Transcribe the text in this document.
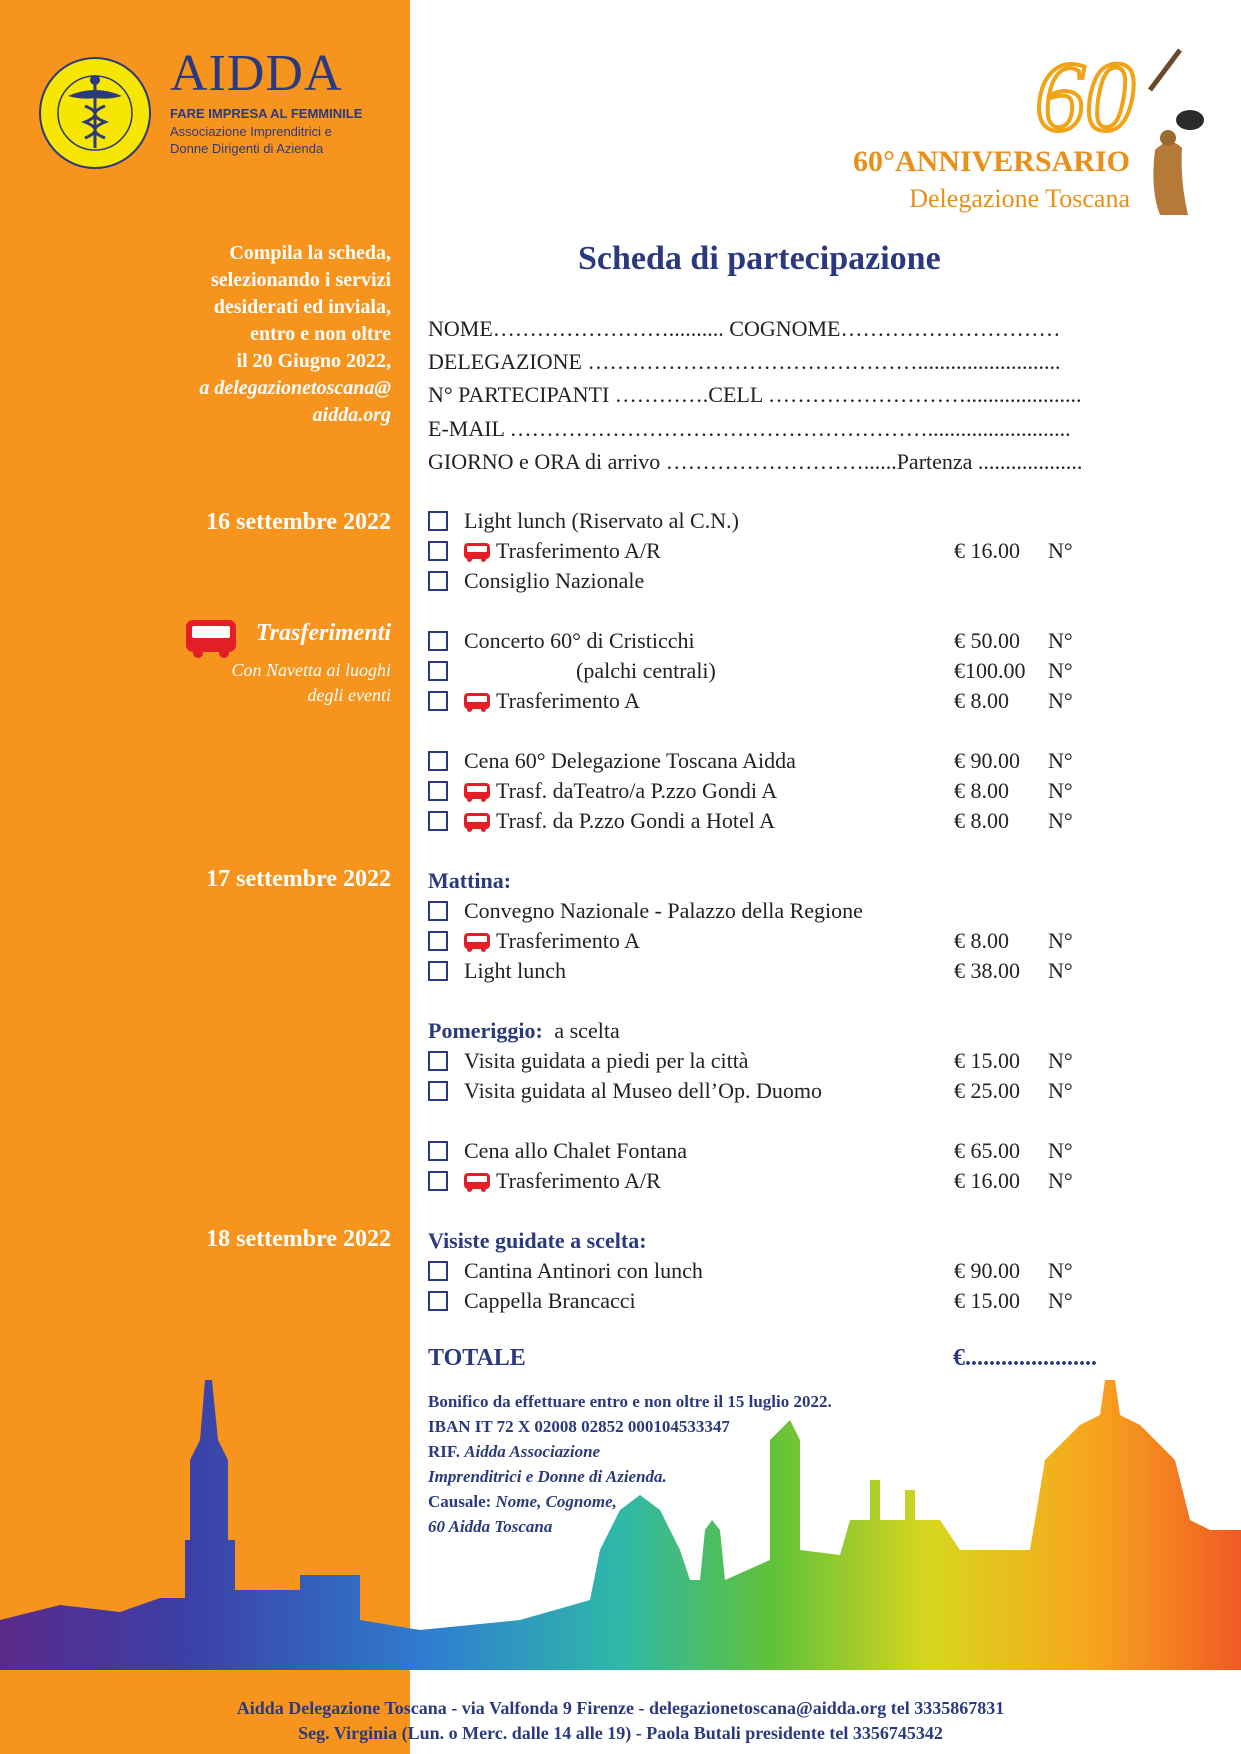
AIDDA
FARE IMPRESA AL FEMMINILE
Associazione Imprenditrici e
Donne Dirigenti di Azienda	60
60°ANNIVERSARIO
Delegazione Toscana
Compila la scheda,
selezionando i servizi
desiderati ed inviala,
entro e non oltre
il 20 Giugno 2022,
a delegazionetoscana@
aidda.org
16 settembre 2022
Trasferimenti
Con Navetta ai luoghi
degli eventi
17 settembre 2022
18 settembre 2022
Scheda di partecipazione
NOME…………………….......... COGNOME…………………………
DELEGAZIONE ………………………………………..........................
N° PARTECIPANTI ………….CELL ……………………….....................
E-MAIL …………………………………………………..........................
GIORNO e ORA di arrivo ………………………......Partenza ...................
Light lunch (Riservato al C.N.)
Trasferimento A/R	€ 16.00 N°
Consiglio Nazionale
Concerto 60° di Cristicchi	€ 50.00 N°
(palchi centrali)	€100.00 N°
Trasferimento A	€ 8.00 N°
Cena 60° Delegazione Toscana Aidda	€ 90.00 N°
Trasf. daTeatro/a P.zzo Gondi A	€ 8.00 N°
Trasf. da P.zzo Gondi a Hotel A	€ 8.00 N°
Mattina:
Convegno Nazionale - Palazzo della Regione
Trasferimento A	€ 8.00 N°
Light lunch	€ 38.00 N°
Pomeriggio: a scelta
Visita guidata a piedi per la città	€ 15.00 N°
Visita guidata al Museo dell’Op. Duomo	€ 25.00 N°
Cena allo Chalet Fontana	€ 65.00 N°
Trasferimento A/R	€ 16.00 N°
Visiste guidate a scelta:
Cantina Antinori con lunch	€ 90.00 N°
Cappella Brancacci	€ 15.00 N°
TOTALE	€......................
Bonifico da effettuare entro e non oltre il 15 luglio 2022.
IBAN IT 72 X 02008 02852 000104533347
RIF. Aidda Associazione
Imprenditrici e Donne di Azienda.
Causale: Nome, Cognome,
60 Aidda Toscana
Aidda Delegazione Toscana - via Valfonda 9 Firenze - delegazionetoscana@aidda.org tel 3335867831
Seg. Virginia (Lun. o Merc. dalle 14 alle 19) - Paola Butali presidente tel 3356745342
